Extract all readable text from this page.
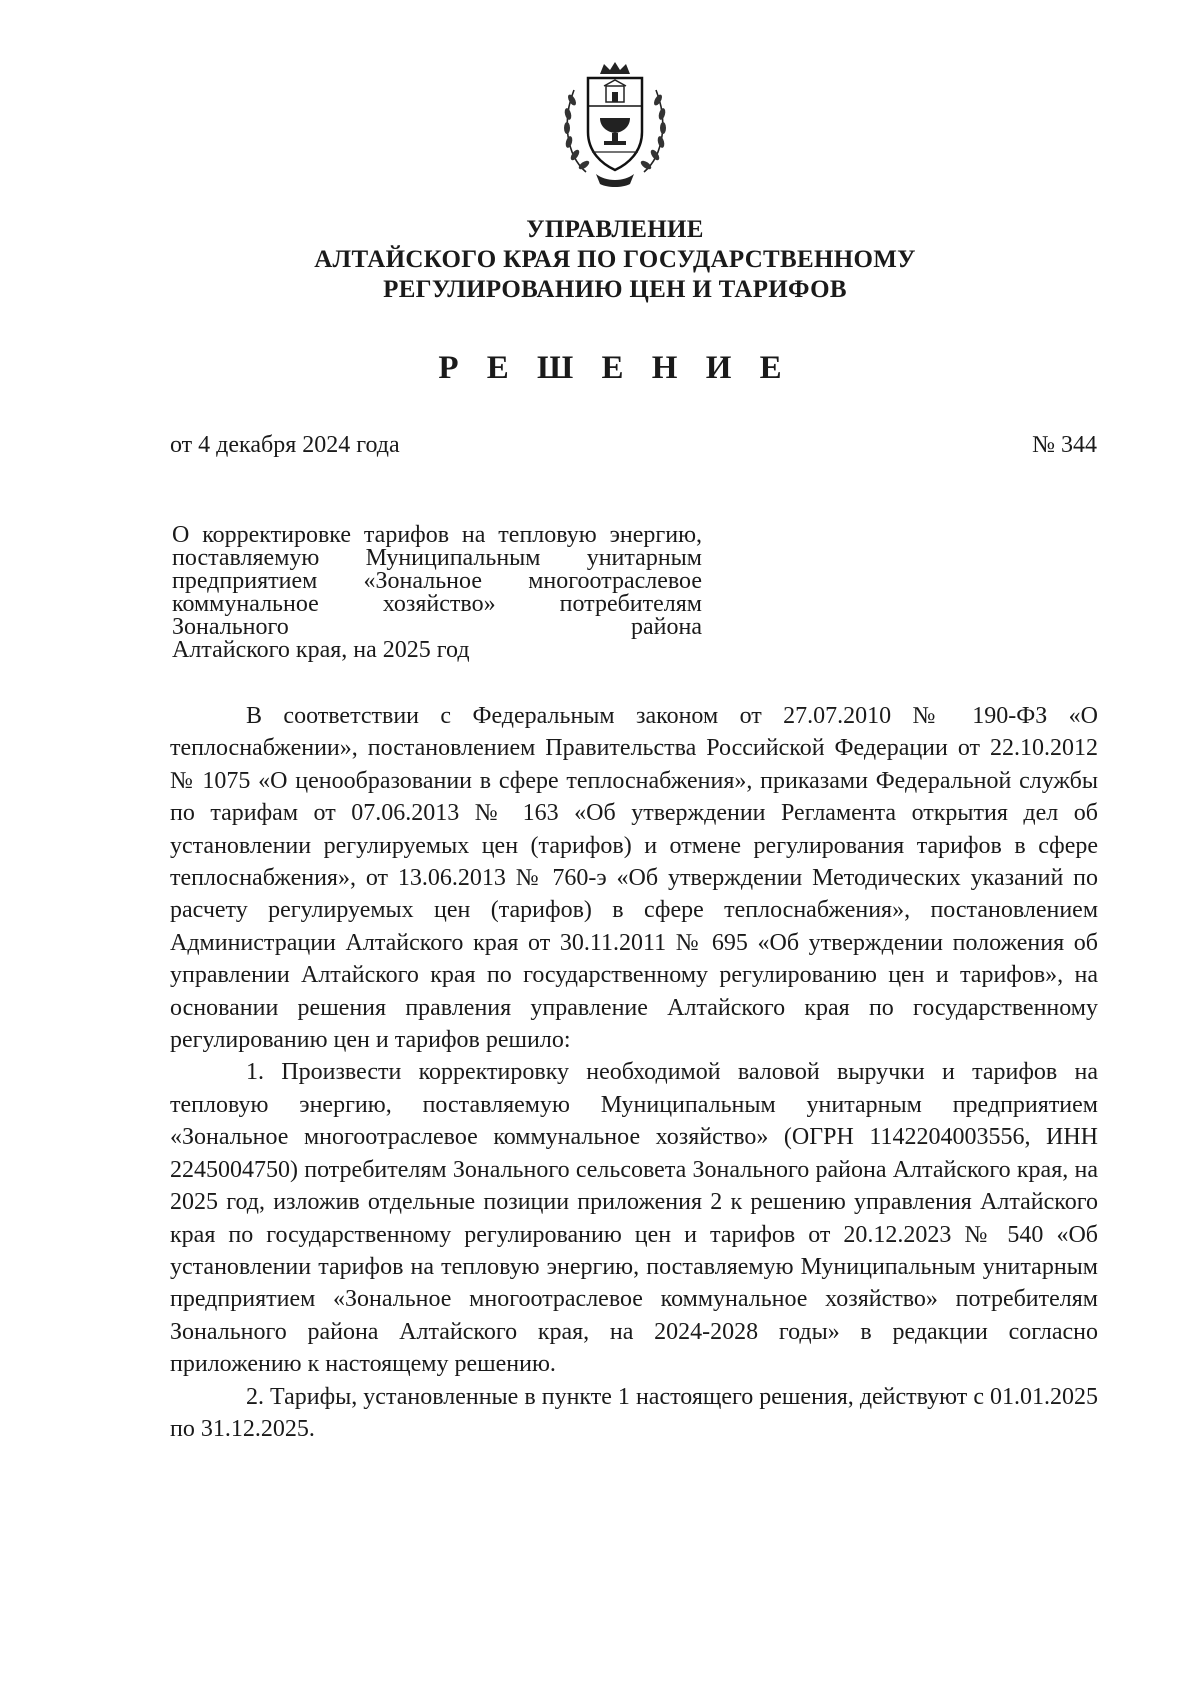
УПРАВЛЕНИЕ
АЛТАЙСКОГО КРАЯ ПО ГОСУДАРСТВЕННОМУ
РЕГУЛИРОВАНИЮ ЦЕН И ТАРИФОВ
Р Е Ш Е Н И Е
от 4 декабря 2024 года	№ 344
О корректировке тарифов на тепловую энергию, поставляемую Муниципальным унитарным предприятием «Зональное многоотраслевое коммунальное хозяйство» потребителям Зонального района
Алтайского края, на 2025 год

В соответствии с Федеральным законом от 27.07.2010 № 190-ФЗ «О теплоснабжении», постановлением Правительства Российской Федерации от 22.10.2012 № 1075 «О ценообразовании в сфере теплоснабжения», приказами Федеральной службы по тарифам от 07.06.2013 № 163 «Об утверждении Регламента открытия дел об установлении регулируемых цен (тарифов) и отмене регулирования тарифов в сфере теплоснабжения», от 13.06.2013 № 760-э «Об утверждении Методических указаний по расчету регулируемых цен (тарифов) в сфере теплоснабжения», постановлением Администрации Алтайского края от 30.11.2011 № 695 «Об утверждении положения об управлении Алтайского края по государственному регулированию цен и тарифов», на основании решения правления управление Алтайского края по государственному регулированию цен и тарифов решило:

1. Произвести корректировку необходимой валовой выручки и тарифов на тепловую энергию, поставляемую Муниципальным унитарным предприятием «Зональное многоотраслевое коммунальное хозяйство» (ОГРН 1142204003556, ИНН 2245004750) потребителям Зонального сельсовета Зонального района Алтайского края, на 2025 год, изложив отдельные позиции приложения 2 к решению управления Алтайского края по государственному регулированию цен и тарифов от 20.12.2023 № 540 «Об установлении тарифов на тепловую энергию, поставляемую Муниципальным унитарным предприятием «Зональное многоотраслевое коммунальное хозяйство» потребителям Зонального района Алтайского края, на 2024-2028 годы» в редакции согласно приложению к настоящему решению.

2. Тарифы, установленные в пункте 1 настоящего решения, действуют с 01.01.2025 по 31.12.2025.
